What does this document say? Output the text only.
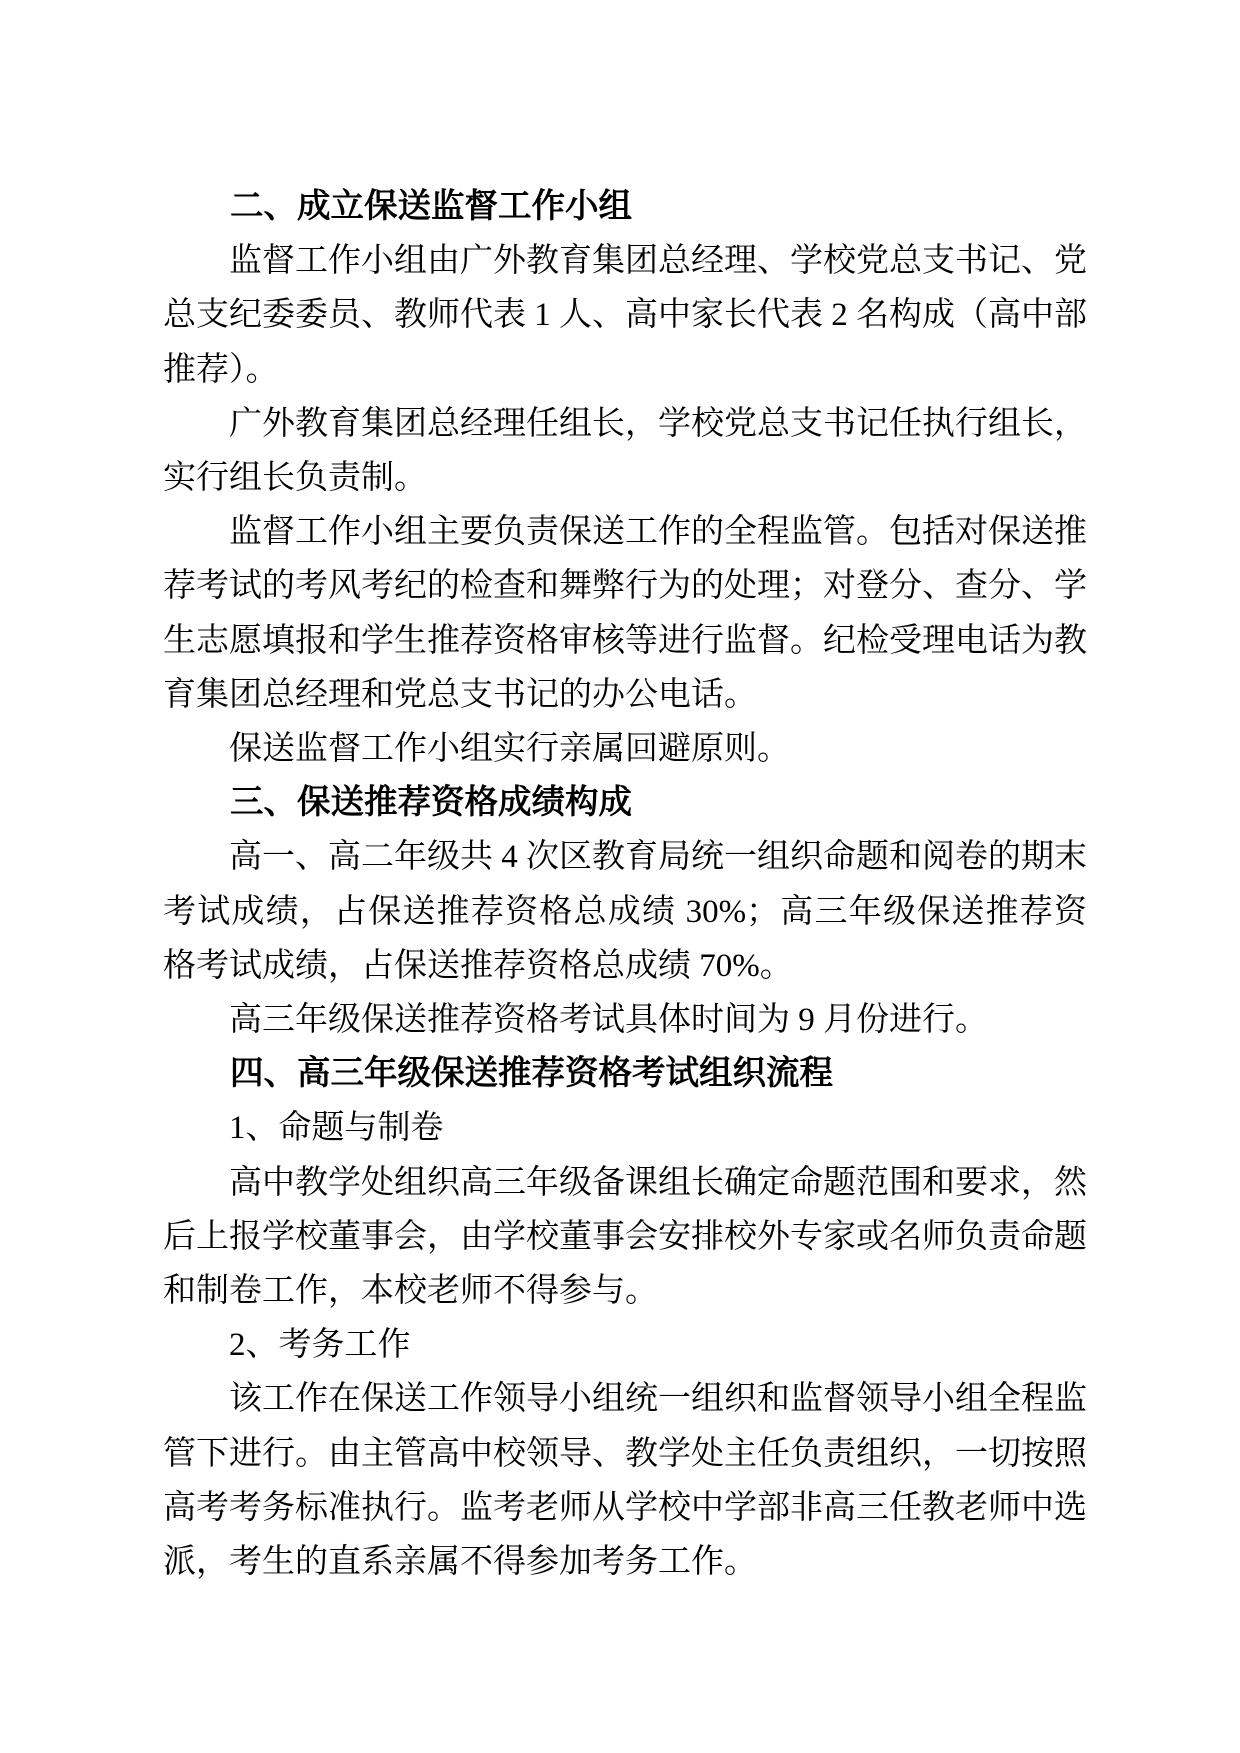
二、成立保送监督工作小组

监督工作小组由广外教育集团总经理、学校党总支书记、党总支纪委委员、教师代表 1 人、高中家长代表 2 名构成（高中部推荐）。

广外教育集团总经理任组长，学校党总支书记任执行组长，实行组长负责制。

监督工作小组主要负责保送工作的全程监管。包括对保送推荐考试的考风考纪的检查和舞弊行为的处理；对登分、查分、学生志愿填报和学生推荐资格审核等进行监督。纪检受理电话为教育集团总经理和党总支书记的办公电话。

保送监督工作小组实行亲属回避原则。

三、保送推荐资格成绩构成

高一、高二年级共 4 次区教育局统一组织命题和阅卷的期末考试成绩，占保送推荐资格总成绩 30%；高三年级保送推荐资格考试成绩，占保送推荐资格总成绩 70%。

高三年级保送推荐资格考试具体时间为 9 月份进行。

四、高三年级保送推荐资格考试组织流程

1、命题与制卷

高中教学处组织高三年级备课组长确定命题范围和要求，然后上报学校董事会，由学校董事会安排校外专家或名师负责命题和制卷工作，本校老师不得参与。

2、考务工作

该工作在保送工作领导小组统一组织和监督领导小组全程监管下进行。由主管高中校领导、教学处主任负责组织，一切按照高考考务标准执行。监考老师从学校中学部非高三任教老师中选派，考生的直系亲属不得参加考务工作。
